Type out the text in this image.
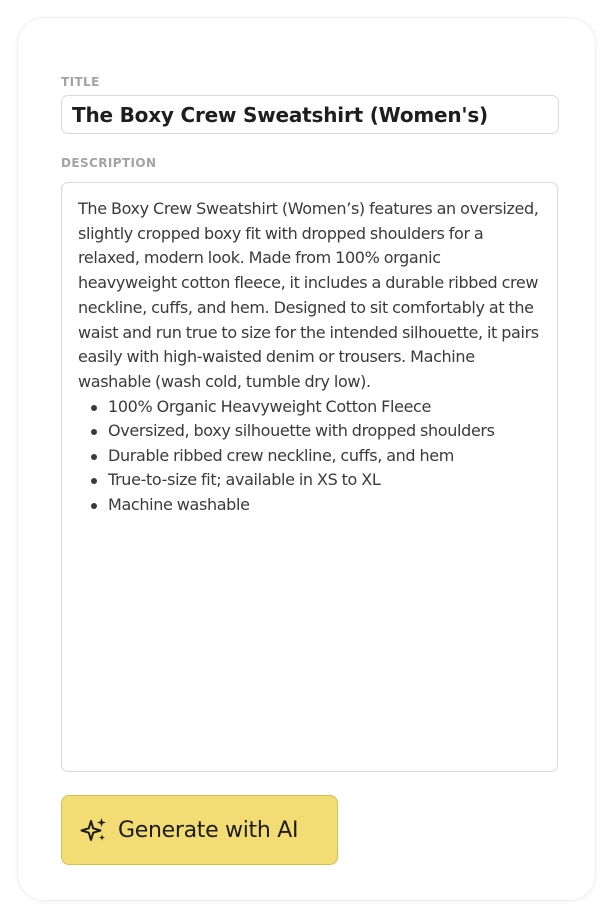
TITLE
The Boxy Crew Sweatshirt (Women's)
DESCRIPTION
The Boxy Crew Sweatshirt (Women’s) features an oversized, slightly cropped boxy fit with dropped shoulders for a relaxed, modern look. Made from 100% organic heavyweight cotton fleece, it includes a durable ribbed crew neckline, cuffs, and hem. Designed to sit comfortably at the waist and run true to size for the intended silhouette, it pairs easily with high-waisted denim or trousers. Machine washable (wash cold, tumble dry low).
100% Organic Heavyweight Cotton Fleece
Oversized, boxy silhouette with dropped shoulders
Durable ribbed crew neckline, cuffs, and hem
True-to-size fit; available in XS to XL
Machine washable
Generate with AI
